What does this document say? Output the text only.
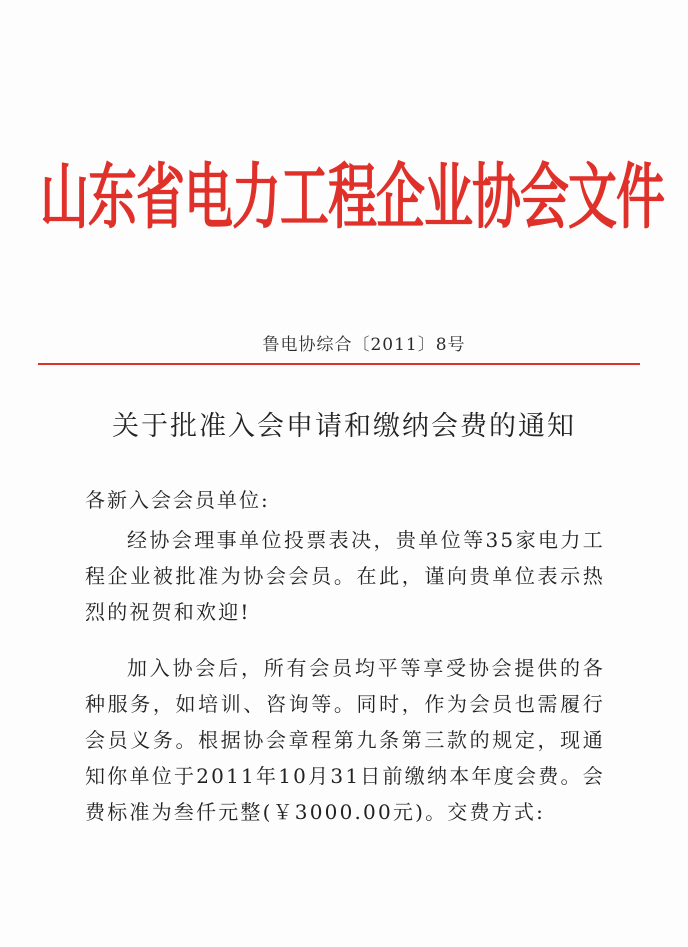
山东省电力工程企业协会文件
鲁电协综合〔2011〕8号
关于批准入会申请和缴纳会费的通知
各新入会会员单位:
经协会理事单位投票表决，贵单位等35家电力工程企业被批准为协会会员。在此，谨向贵单位表示热烈的祝贺和欢迎!
加入协会后，所有会员均平等享受协会提供的各种服务，如培训、咨询等。同时，作为会员也需履行会员义务。根据协会章程第九条第三款的规定，现通知你单位于2011年10月31日前缴纳本年度会费。会费标准为叁仟元整(￥3000.00元)。交费方式:
